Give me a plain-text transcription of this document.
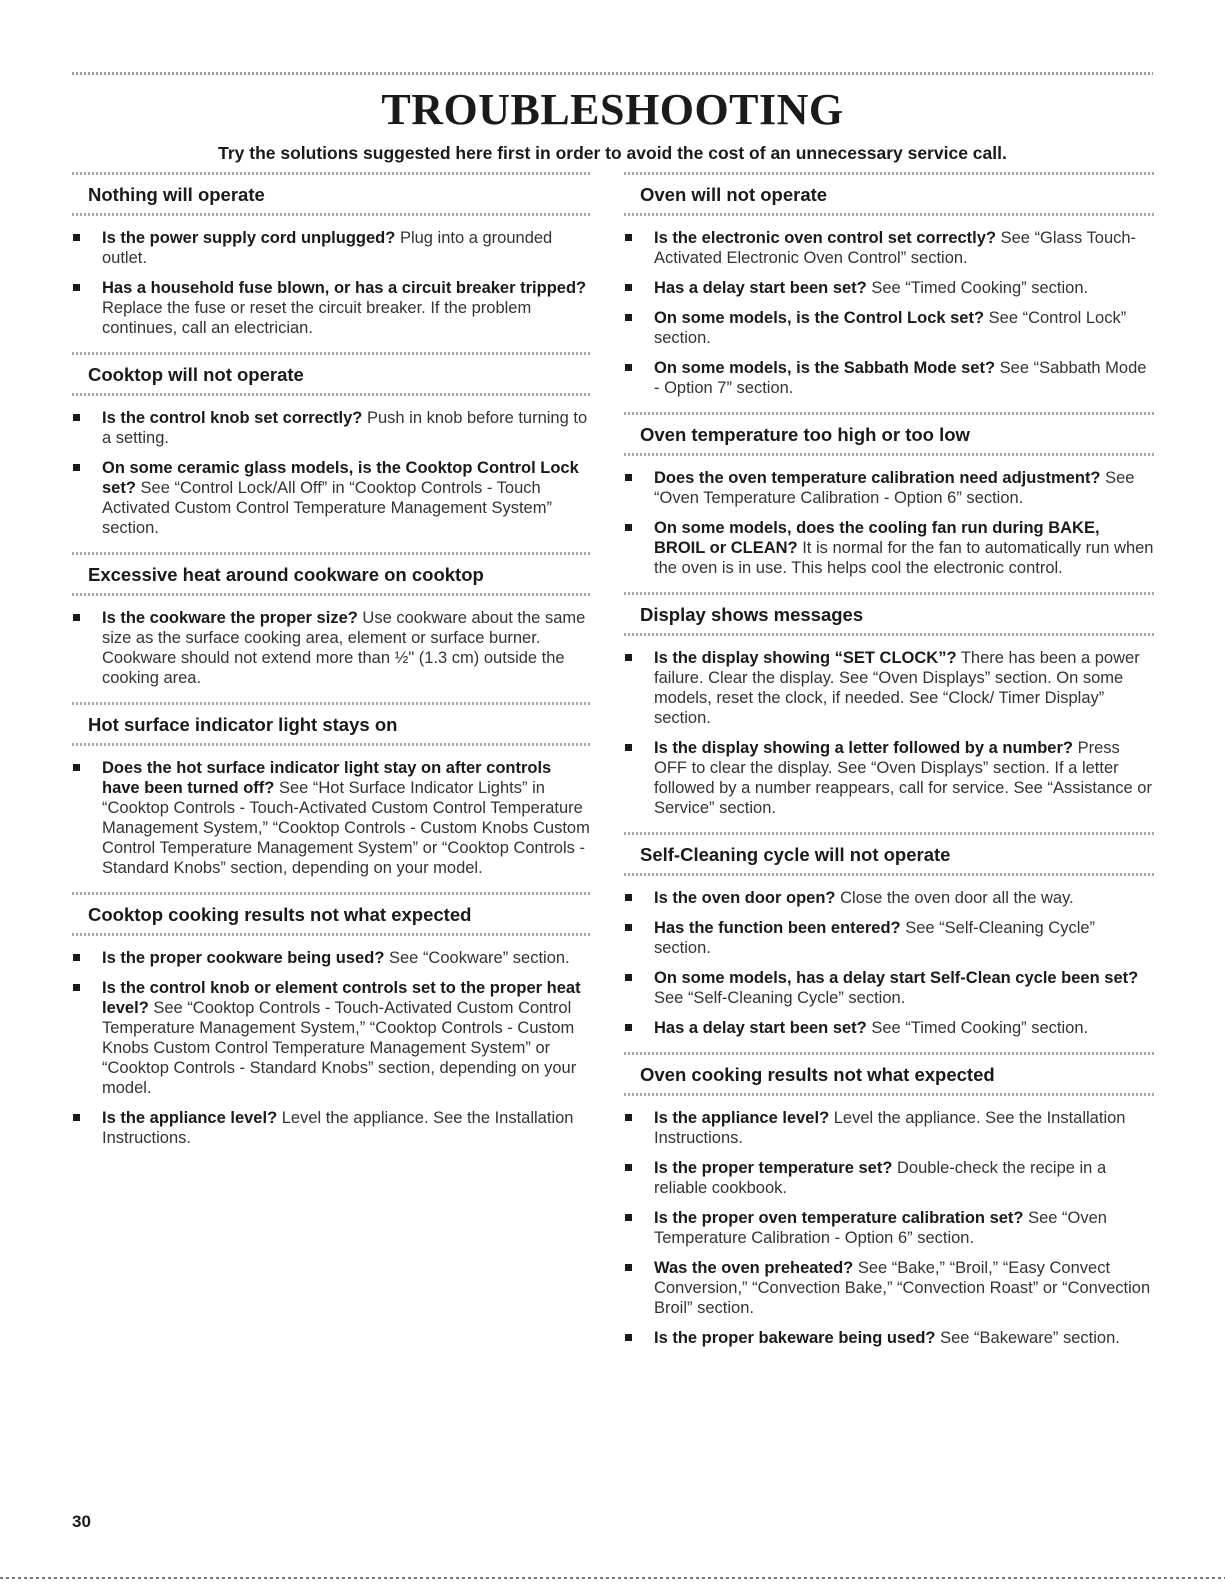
TROUBLESHOOTING

Try the solutions suggested here first in order to avoid the cost of an unnecessary service call.

Nothing will operate
Is the power supply cord unplugged? Plug into a grounded outlet.
Has a household fuse blown, or has a circuit breaker tripped? Replace the fuse or reset the circuit breaker. If the problem continues, call an electrician.
Cooktop will not operate
Is the control knob set correctly? Push in knob before turning to a setting.
On some ceramic glass models, is the Cooktop Control Lock set? See “Control Lock/All Off” in “Cooktop Controls - Touch Activated Custom Control Temperature Management System” section.
Excessive heat around cookware on cooktop
Is the cookware the proper size? Use cookware about the same size as the surface cooking area, element or surface burner. Cookware should not extend more than ½" (1.3 cm) outside the cooking area.
Hot surface indicator light stays on
Does the hot surface indicator light stay on after controls have been turned off? See “Hot Surface Indicator Lights” in “Cooktop Controls - Touch-Activated Custom Control Temperature Management System,” “Cooktop Controls - Custom Knobs Custom Control Temperature Management System” or “Cooktop Controls - Standard Knobs” section, depending on your model.
Cooktop cooking results not what expected
Is the proper cookware being used? See “Cookware” section.
Is the control knob or element controls set to the proper heat level? See “Cooktop Controls - Touch-Activated Custom Control Temperature Management System,” “Cooktop Controls - Custom Knobs Custom Control Temperature Management System” or “Cooktop Controls - Standard Knobs” section, depending on your model.
Is the appliance level? Level the appliance. See the Installation Instructions.
Oven will not operate
Is the electronic oven control set correctly? See “Glass Touch-Activated Electronic Oven Control” section.
Has a delay start been set? See “Timed Cooking” section.
On some models, is the Control Lock set? See “Control Lock” section.
On some models, is the Sabbath Mode set? See “Sabbath Mode - Option 7” section.
Oven temperature too high or too low
Does the oven temperature calibration need adjustment? See “Oven Temperature Calibration - Option 6” section.
On some models, does the cooling fan run during BAKE, BROIL or CLEAN? It is normal for the fan to automatically run when the oven is in use. This helps cool the electronic control.
Display shows messages
Is the display showing “SET CLOCK”? There has been a power failure. Clear the display. See “Oven Displays” section. On some models, reset the clock, if needed. See “Clock/ Timer Display” section.
Is the display showing a letter followed by a number? Press OFF to clear the display. See “Oven Displays” section. If a letter followed by a number reappears, call for service. See “Assistance or Service” section.
Self-Cleaning cycle will not operate
Is the oven door open? Close the oven door all the way.
Has the function been entered? See “Self-Cleaning Cycle” section.
On some models, has a delay start Self-Clean cycle been set? See “Self-Cleaning Cycle” section.
Has a delay start been set? See “Timed Cooking” section.
Oven cooking results not what expected
Is the appliance level? Level the appliance. See the Installation Instructions.
Is the proper temperature set? Double-check the recipe in a reliable cookbook.
Is the proper oven temperature calibration set? See “Oven Temperature Calibration - Option 6” section.
Was the oven preheated? See “Bake,” “Broil,” “Easy Convect Conversion,” “Convection Bake,” “Convection Roast” or “Convection Broil” section.
Is the proper bakeware being used? See “Bakeware” section.
30
